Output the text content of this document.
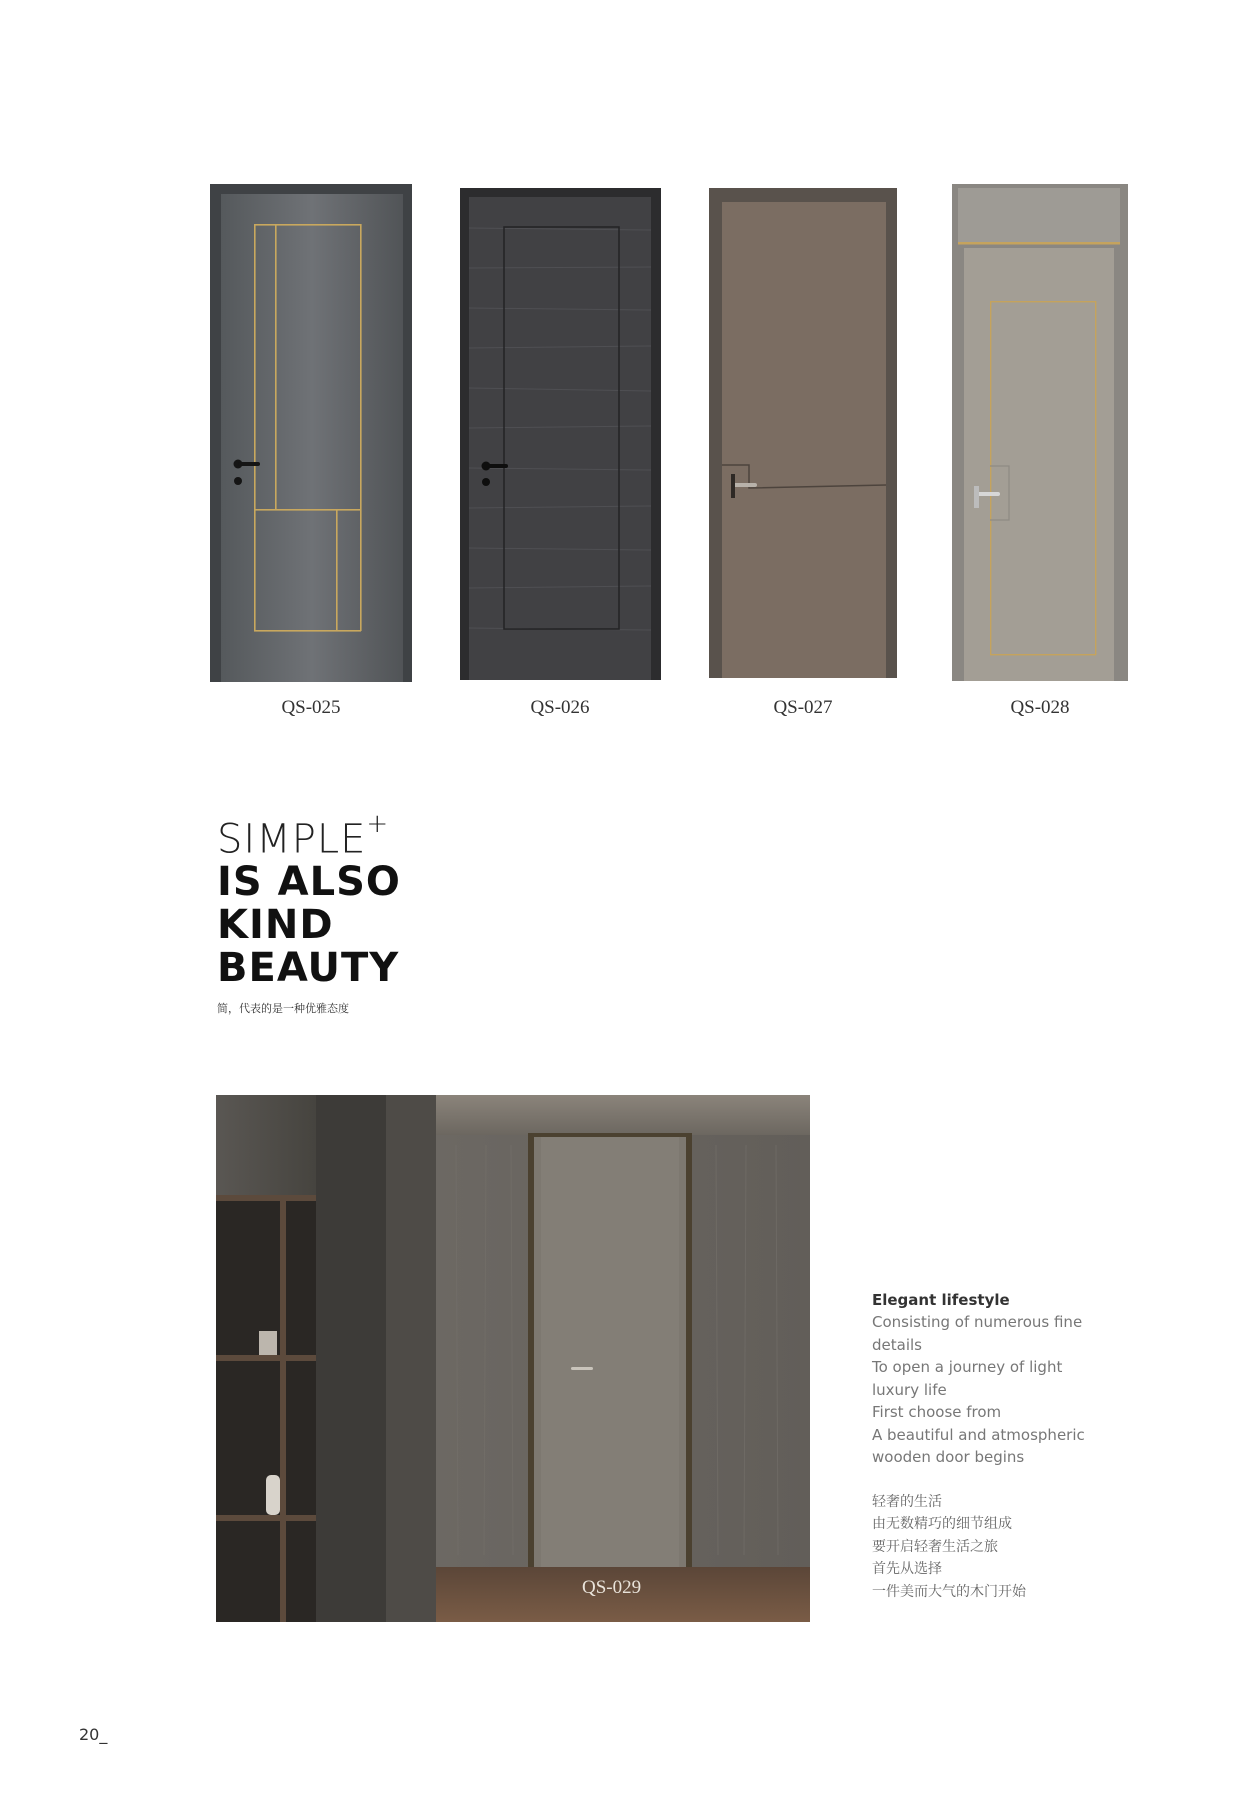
QS-025	QS-026	QS-027	QS-028
SIMPLE+
IS ALSO
KIND
BEAUTY
简，代表的是一种优雅态度
QS-029
Elegant lifestyle
Consisting of numerous fine
details
To open a journey of light
luxury life
First choose from
A beautiful and atmospheric
wooden door begins
轻奢的生活
由无数精巧的细节组成
要开启轻奢生活之旅
首先从选择
一件美而大气的木门开始
20_
